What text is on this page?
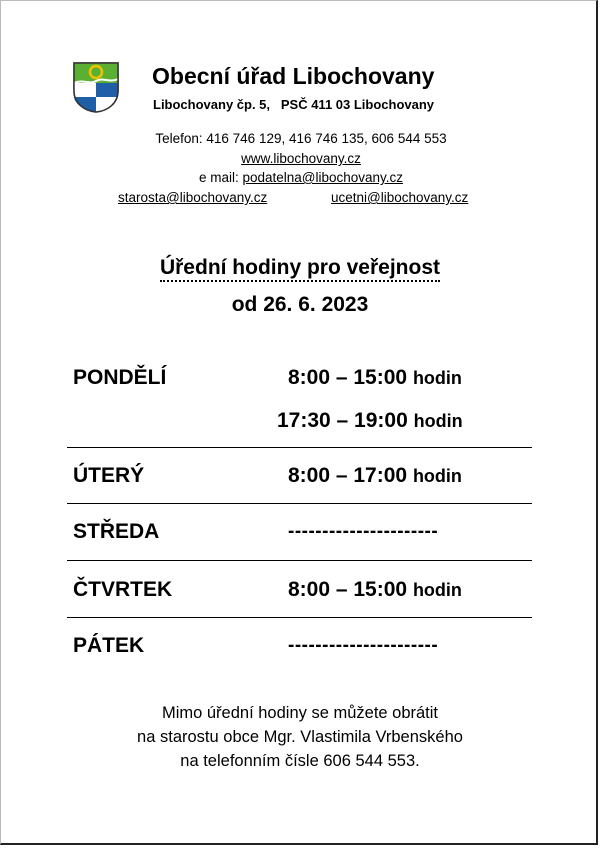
Obecní úřad Libochovany
Libochovany čp. 5,   PSČ 411 03 Libochovany
Telefon: 416 746 129, 416 746 135, 606 544 553
www.libochovany.cz
e mail: podatelna@libochovany.cz
starosta@libochovany.cz	ucetni@libochovany.cz
Úřední hodiny pro veřejnost
od 26. 6. 2023
PONDĚLÍ	8:00 – 15:00 hodin
17:30 – 19:00 hodin
ÚTERÝ	8:00 – 17:00 hodin
STŘEDA	----------------------
ČTVRTEK	8:00 – 15:00 hodin
PÁTEK	----------------------
Mimo úřední hodiny se můžete obrátit
na starostu obce Mgr. Vlastimila Vrbenského
na telefonním čísle 606 544 553.
